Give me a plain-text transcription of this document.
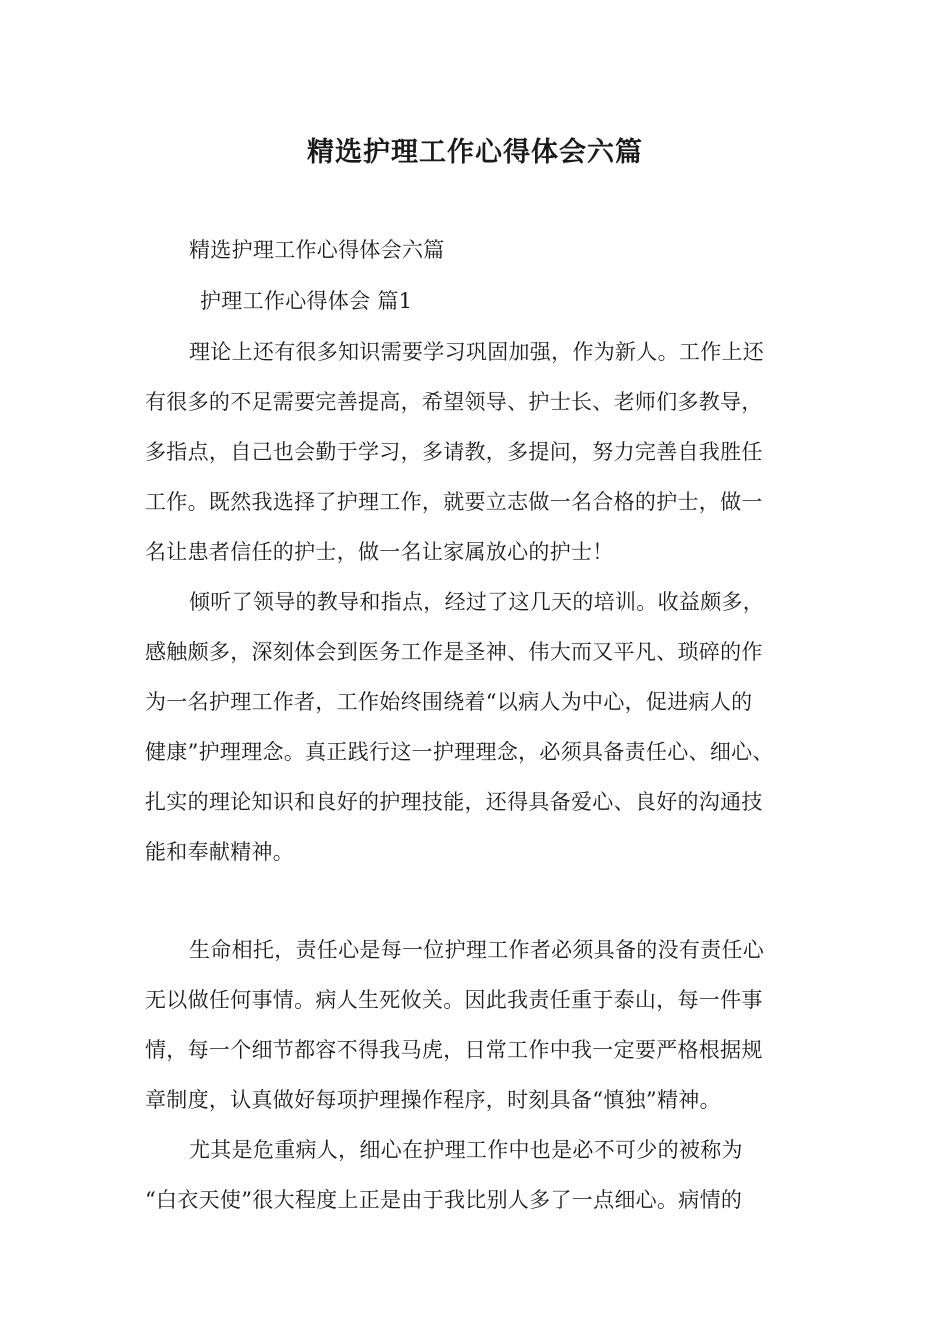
精选护理工作心得体会六篇
精选护理工作心得体会六篇
护理工作心得体会 篇1
理论上还有很多知识需要学习巩固加强，作为新人。工作上还
有很多的不足需要完善提高，希望领导、护士长、老师们多教导，
多指点，自己也会勤于学习，多请教，多提问，努力完善自我胜任
工作。既然我选择了护理工作，就要立志做一名合格的护士，做一
名让患者信任的护士，做一名让家属放心的护士！
倾听了领导的教导和指点，经过了这几天的培训。收益颇多，
感触颇多，深刻体会到医务工作是圣神、伟大而又平凡、琐碎的作
为一名护理工作者，工作始终围绕着“以病人为中心，促进病人的
健康”护理理念。真正践行这一护理理念，必须具备责任心、细心、
扎实的理论知识和良好的护理技能，还得具备爱心、良好的沟通技
能和奉献精神。
生命相托，责任心是每一位护理工作者必须具备的没有责任心
无以做任何事情。病人生死攸关。因此我责任重于泰山，每一件事
情，每一个细节都容不得我马虎，日常工作中我一定要严格根据规
章制度，认真做好每项护理操作程序，时刻具备“慎独”精神。
尤其是危重病人，细心在护理工作中也是必不可少的被称为
“白衣天使”很大程度上正是由于我比别人多了一点细心。病情的
